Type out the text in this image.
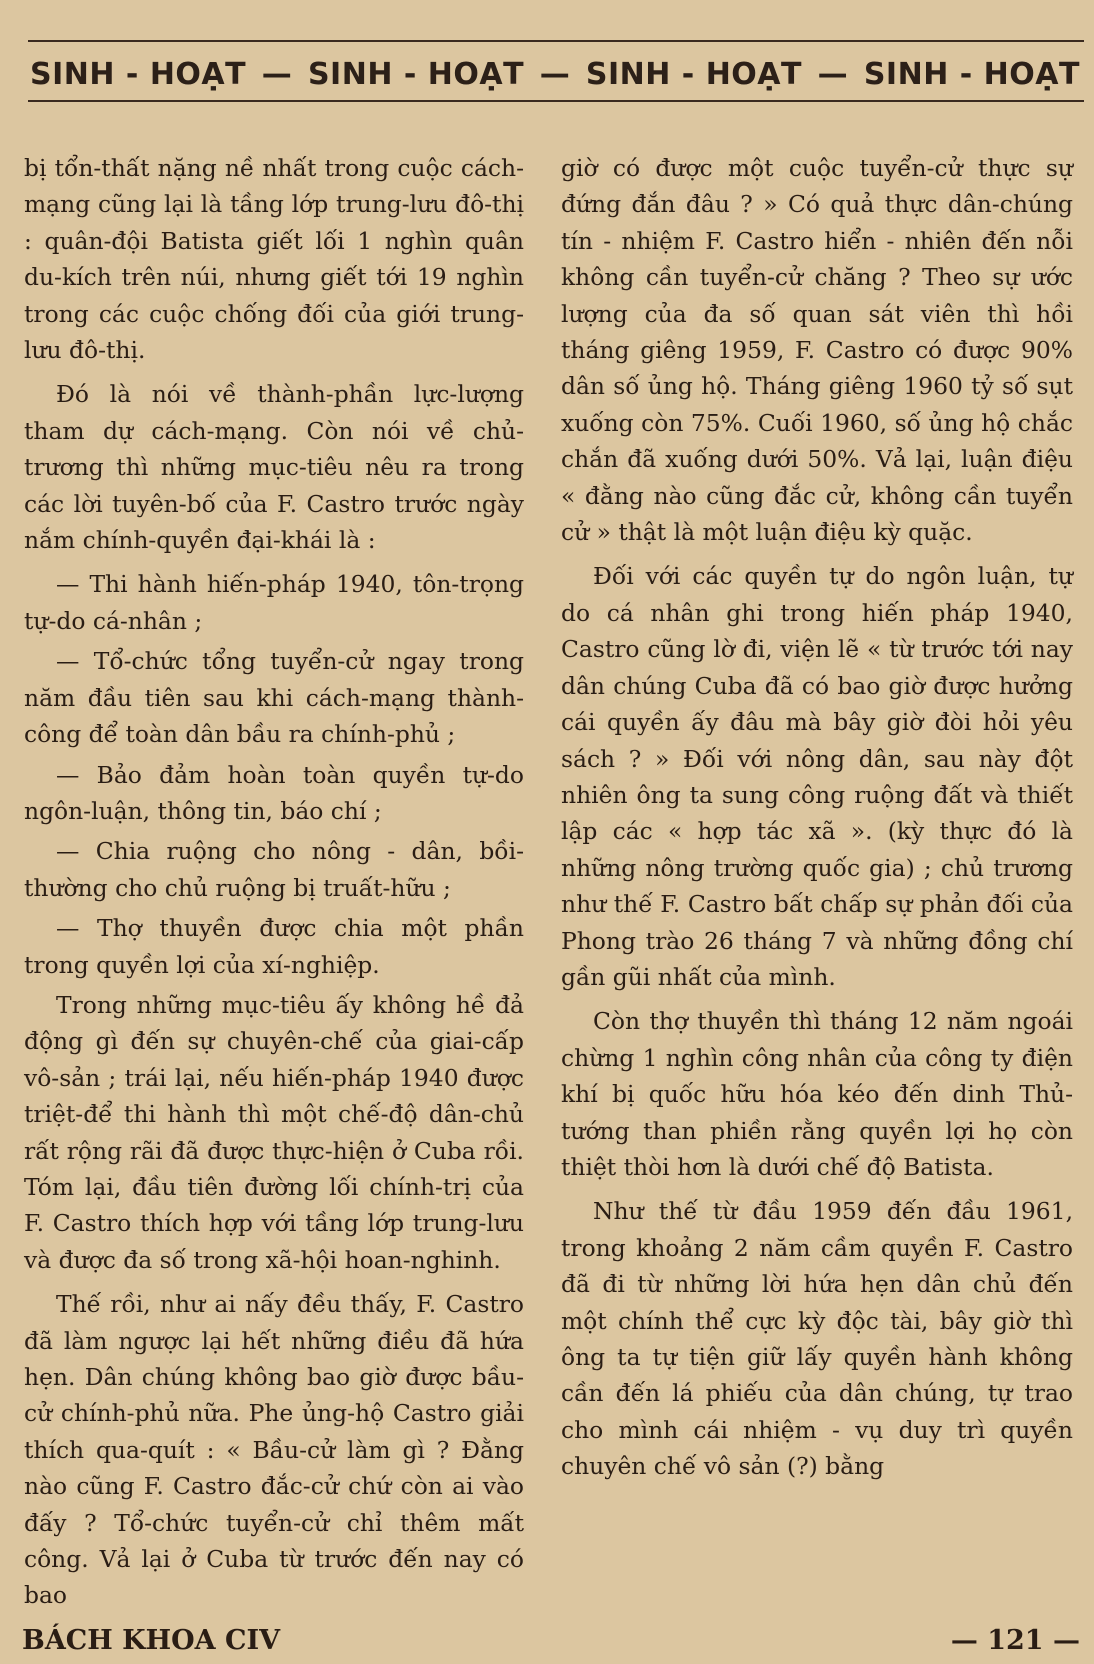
SINH - HOẠT — SINH - HOẠT — SINH - HOẠT — SINH - HOẠT

bị tổn-thất nặng nề nhất trong cuộc cách-mạng cũng lại là tầng lớp trung-lưu đô-thị : quân-đội Batista giết lối 1 nghìn quân du-kích trên núi, nhưng giết tới 19 nghìn trong các cuộc chống đối của giới trung-lưu đô-thị.

Đó là nói về thành-phần lực-lượng tham dự cách-mạng. Còn nói về chủ-trương thì những mục-tiêu nêu ra trong các lời tuyên-bố của F. Castro trước ngày nắm chính-quyền đại-khái là :

— Thi hành hiến-pháp 1940, tôn-trọng tự-do cá-nhân ;

— Tổ-chức tổng tuyển-cử ngay trong năm đầu tiên sau khi cách-mạng thành-công để toàn dân bầu ra chính-phủ ;

— Bảo đảm hoàn toàn quyền tự-do ngôn-luận, thông tin, báo chí ;

— Chia ruộng cho nông - dân, bồi-thường cho chủ ruộng bị truất-hữu ;

— Thợ thuyền được chia một phần trong quyền lợi của xí-nghiệp.

Trong những mục-tiêu ấy không hề đả động gì đến sự chuyên-chế của giai-cấp vô-sản ; trái lại, nếu hiến-pháp 1940 được triệt-để thi hành thì một chế-độ dân-chủ rất rộng rãi đã được thực-hiện ở Cuba rồi. Tóm lại, đầu tiên đường lối chính-trị của F. Castro thích hợp với tầng lớp trung-lưu và được đa số trong xã-hội hoan-nghinh.

Thế rồi, như ai nấy đều thấy, F. Castro đã làm ngược lại hết những điều đã hứa hẹn. Dân chúng không bao giờ được bầu-cử chính-phủ nữa. Phe ủng-hộ Castro giải thích qua-quít : « Bầu-cử làm gì ? Đằng nào cũng F. Castro đắc-cử chứ còn ai vào đấy ? Tổ-chức tuyển-cử chỉ thêm mất công. Vả lại ở Cuba từ trước đến nay có bao

giờ có được một cuộc tuyển-cử thực sự đứng đắn đâu ? » Có quả thực dân-chúng tín - nhiệm F. Castro hiển - nhiên đến nỗi không cần tuyển-cử chăng ? Theo sự ước lượng của đa số quan sát viên thì hồi tháng giêng 1959, F. Castro có được 90% dân số ủng hộ. Tháng giêng 1960 tỷ số sụt xuống còn 75%. Cuối 1960, số ủng hộ chắc chắn đã xuống dưới 50%. Vả lại, luận điệu « đằng nào cũng đắc cử, không cần tuyển cử » thật là một luận điệu kỳ quặc.

Đối với các quyền tự do ngôn luận, tự do cá nhân ghi trong hiến pháp 1940, Castro cũng lờ đi, viện lẽ « từ trước tới nay dân chúng Cuba đã có bao giờ được hưởng cái quyền ấy đâu mà bây giờ đòi hỏi yêu sách ? » Đối với nông dân, sau này đột nhiên ông ta sung công ruộng đất và thiết lập các « hợp tác xã ». (kỳ thực đó là những nông trường quốc gia) ; chủ trương như thế F. Castro bất chấp sự phản đối của Phong trào 26 tháng 7 và những đồng chí gần gũi nhất của mình.

Còn thợ thuyền thì tháng 12 năm ngoái chừng 1 nghìn công nhân của công ty điện khí bị quốc hữu hóa kéo đến dinh Thủ-tướng than phiền rằng quyền lợi họ còn thiệt thòi hơn là dưới chế độ Batista.

Như thế từ đầu 1959 đến đầu 1961, trong khoảng 2 năm cầm quyền F. Castro đã đi từ những lời hứa hẹn dân chủ đến một chính thể cực kỳ độc tài, bây giờ thì ông ta tự tiện giữ lấy quyền hành không cần đến lá phiếu của dân chúng, tự trao cho mình cái nhiệm - vụ duy trì quyền chuyên chế vô sản (?) bằng

BÁCH KHOA CIV	— 121 —
